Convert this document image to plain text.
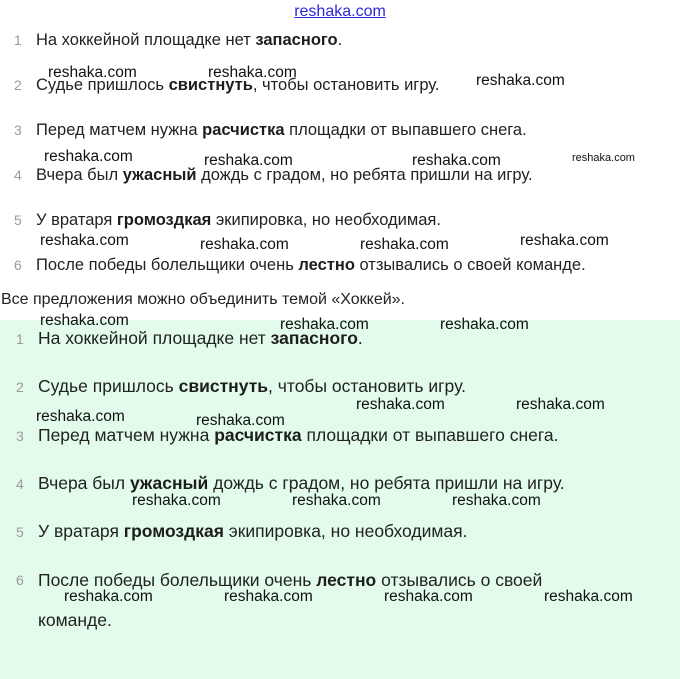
reshaka.com
1 На хоккейной площадке нет запасного.
2 Судье пришлось свистнуть, чтобы остановить игру.
3 Перед матчем нужна расчистка площадки от выпавшего снега.
4 Вчера был ужасный дождь с градом, но ребята пришли на игру.
5 У вратаря громоздкая экипировка, но необходимая.
6 После победы болельщики очень лестно отзывались о своей команде.
Все предложения можно объединить темой «Хоккей».
1 На хоккейной площадке нет запасного.
2 Судье пришлось свистнуть, чтобы остановить игру.
3 Перед матчем нужна расчистка площадки от выпавшего снега.
4 Вчера был ужасный дождь с градом, но ребята пришли на игру.
5 У вратаря громоздкая экипировка, но необходимая.
6 После победы болельщики очень лестно отзывались о своей команде.
reshaka.com	reshaka.com	reshaka.com
reshaka.com	reshaka.com	reshaka.com	reshaka.com
reshaka.com	reshaka.com	reshaka.com	reshaka.com
reshaka.com	reshaka.com	reshaka.com
reshaka.com	reshaka.com
reshaka.com	reshaka.com
reshaka.com	reshaka.com	reshaka.com
reshaka.com	reshaka.com	reshaka.com	reshaka.com
